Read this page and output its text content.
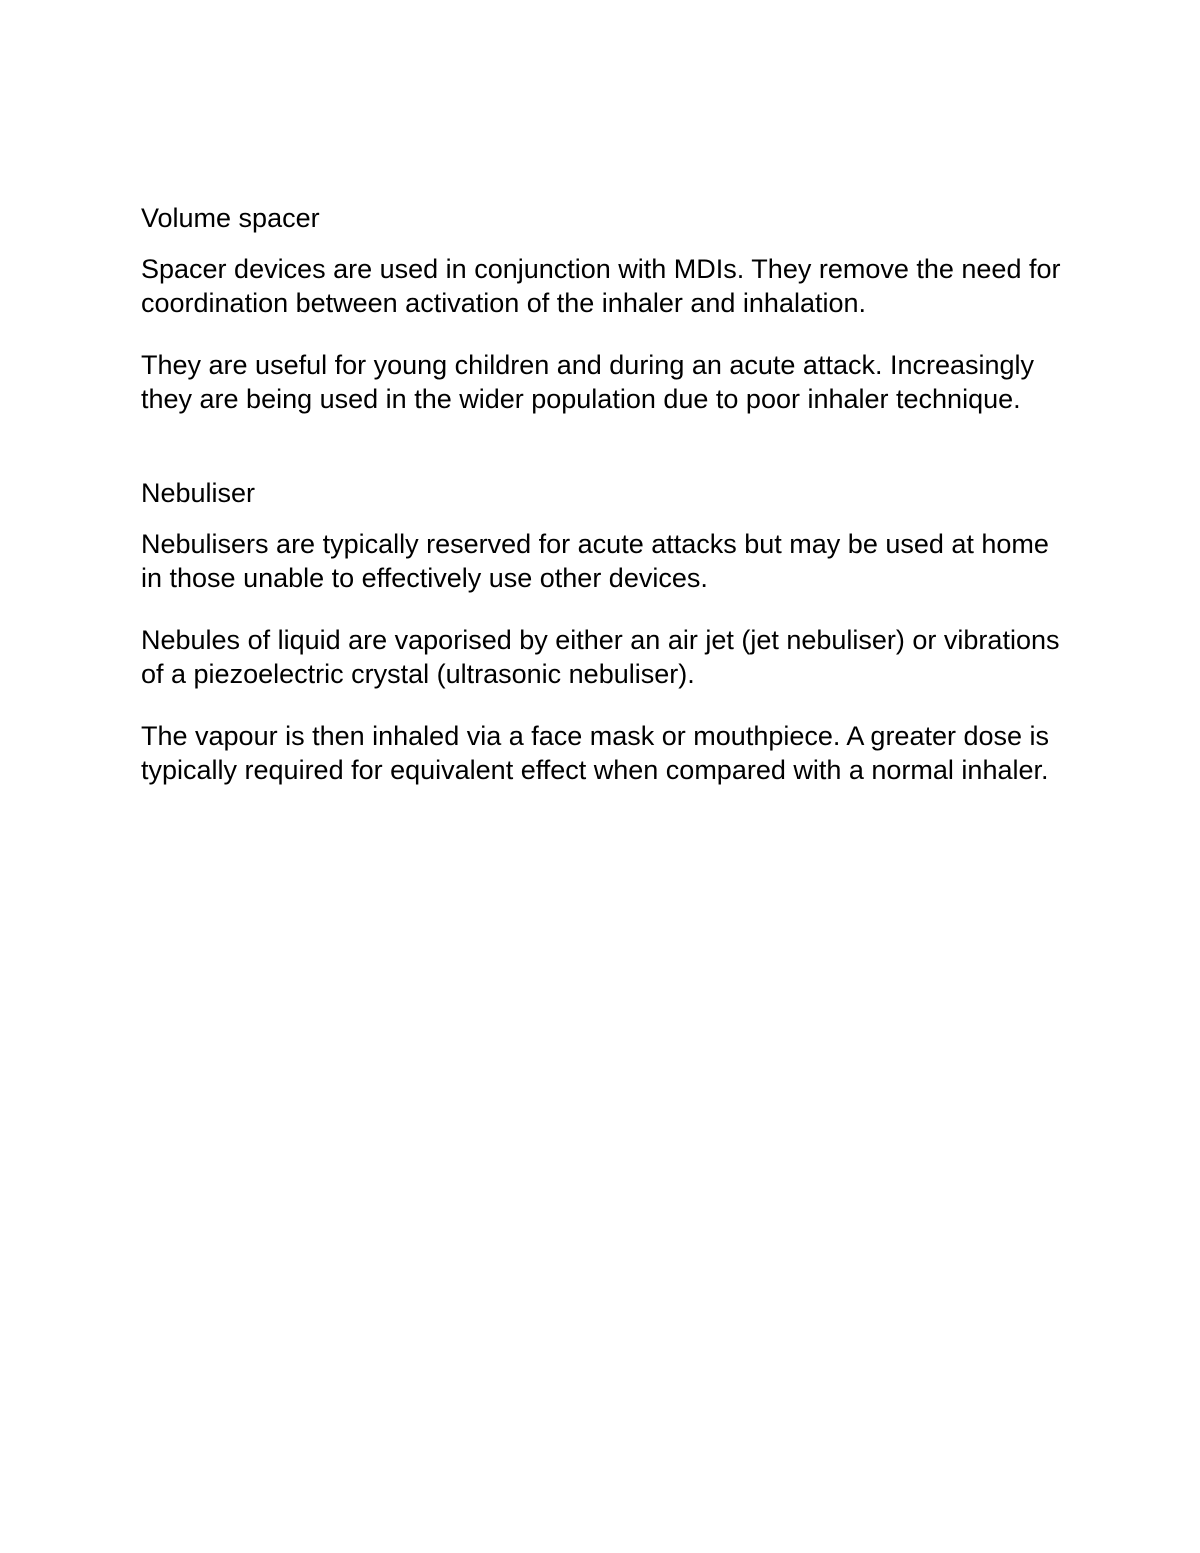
Volume spacer

Spacer devices are used in conjunction with MDIs. They remove the need for coordination between activation of the inhaler and inhalation.

They are useful for young children and during an acute attack. Increasingly they are being used in the wider population due to poor inhaler technique.

Nebuliser

Nebulisers are typically reserved for acute attacks but may be used at home in those unable to effectively use other devices.

Nebules of liquid are vaporised by either an air jet (jet nebuliser) or vibrations of a piezoelectric crystal (ultrasonic nebuliser).

The vapour is then inhaled via a face mask or mouthpiece. A greater dose is typically required for equivalent effect when compared with a normal inhaler.
